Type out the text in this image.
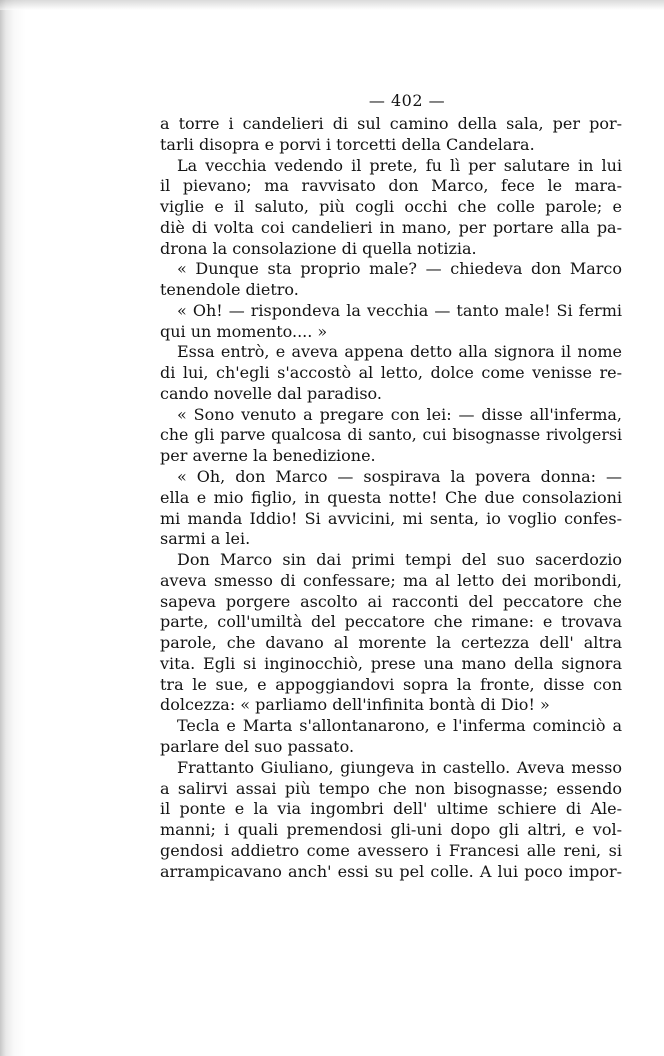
— 402 —
a torre i candelieri di sul camino della sala, per por-
tarli disopra e porvi i torcetti della Candelara.
La vecchia vedendo il prete, fu lì per salutare in lui
il pievano; ma ravvisato don Marco, fece le mara-
viglie e il saluto, più cogli occhi che colle parole; e
diè di volta coi candelieri in mano, per portare alla pa-
drona la consolazione di quella notizia.
« Dunque sta proprio male? — chiedeva don Marco
tenendole dietro.
« Oh! — rispondeva la vecchia — tanto male! Si fermi
qui un momento.... »
Essa entrò, e aveva appena detto alla signora il nome
di lui, ch'egli s'accostò al letto, dolce come venisse re-
cando novelle dal paradiso.
« Sono venuto a pregare con lei: — disse all'inferma,
che gli parve qualcosa di santo, cui bisognasse rivolgersi
per averne la benedizione.
« Oh, don Marco — sospirava la povera donna: —
ella e mio figlio, in questa notte! Che due consolazioni
mi manda Iddio! Si avvicini, mi senta, io voglio confes-
sarmi a lei.
Don Marco sin dai primi tempi del suo sacerdozio
aveva smesso di confessare; ma al letto dei moribondi,
sapeva porgere ascolto ai racconti del peccatore che
parte, coll'umiltà del peccatore che rimane: e trovava
parole, che davano al morente la certezza dell' altra
vita. Egli si inginocchiò, prese una mano della signora
tra le sue, e appoggiandovi sopra la fronte, disse con
dolcezza: « parliamo dell'infinita bontà di Dio! »
Tecla e Marta s'allontanarono, e l'inferma cominciò a
parlare del suo passato.
Frattanto Giuliano, giungeva in castello. Aveva messo
a salirvi assai più tempo che non bisognasse; essendo
il ponte e la via ingombri dell' ultime schiere di Ale-
manni; i quali premendosi gli-uni dopo gli altri, e vol-
gendosi addietro come avessero i Francesi alle reni, si
arrampicavano anch' essi su pel colle. A lui poco impor-
